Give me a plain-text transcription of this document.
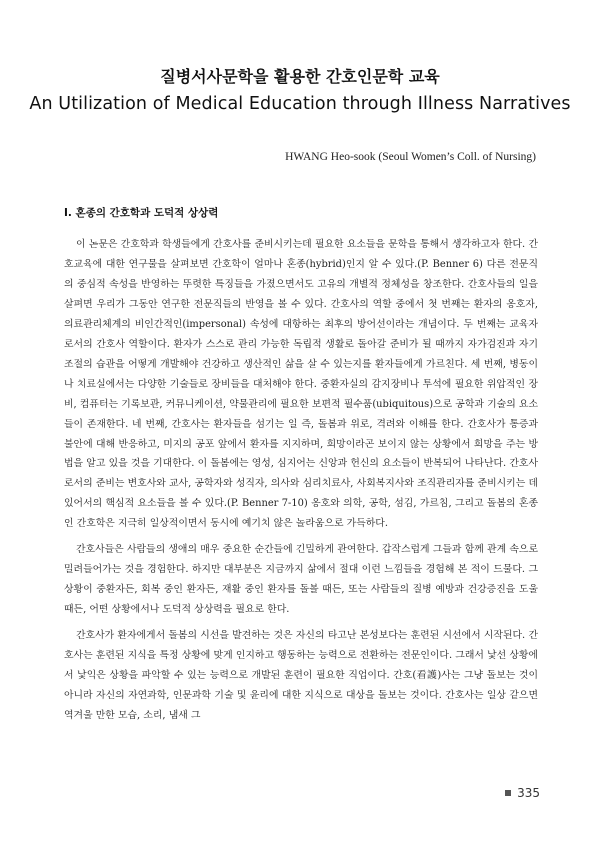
질병서사문학을 활용한 간호인문학 교육
An Utilization of Medical Education through Illness Narratives
HWANG Heo-sook (Seoul Women’s Coll. of Nursing)
Ⅰ. 혼종의 간호학과 도덕적 상상력

이 논문은 간호학과 학생들에게 간호사를 준비시키는데 필요한 요소들을 문학을 통해서 생각하고자 한다. 간호교육에 대한 연구물을 살펴보면 간호학이 얼마나 혼종(hybrid)인지 알 수 있다.(P. Benner 6) 다른 전문직의 중심적 속성을 반영하는 뚜렷한 특징들을 가졌으면서도 고유의 개별적 정체성을 창조한다. 간호사들의 일을 살펴면 우리가 그동안 연구한 전문직들의 반영을 볼 수 있다. 간호사의 역할 중에서 첫 번째는 환자의 옹호자, 의료관리체계의 비인간적인(impersonal) 속성에 대항하는 최후의 방어선이라는 개념이다. 두 번째는 교육자로서의 간호사 역할이다. 환자가 스스로 관리 가능한 독립적 생활로 돌아갈 준비가 될 때까지 자가검진과 자기조절의 습관을 어떻게 개발해야 건강하고 생산적인 삶을 살 수 있는지를 환자들에게 가르친다. 세 번째, 병동이나 치료실에서는 다양한 기술들로 장비들을 대처해야 한다. 중환자실의 감지장비나 투석에 필요한 위압적인 장비, 컴퓨터는 기록보관, 커뮤니케이션, 약물관리에 필요한 보편적 필수품(ubiquitous)으로 공학과 기술의 요소들이 존재한다. 네 번째, 간호사는 환자들을 섬기는 일 즉, 돌봄과 위로, 격려와 이해를 한다. 간호사가 통증과 불안에 대해 반응하고, 미지의 공포 앞에서 환자를 지지하며, 희망이라곤 보이지 않는 상황에서 희망을 주는 방법을 알고 있을 것을 기대한다. 이 돌봄에는 영성, 심지어는 신앙과 헌신의 요소들이 반복되어 나타난다. 간호사로서의 준비는 변호사와 교사, 공학자와 성직자, 의사와 심리치료사, 사회복지사와 조직관리자를 준비시키는 데 있어서의 핵심적 요소들을 볼 수 있다.(P. Benner 7-10) 옹호와 의학, 공학, 섬김, 가르침, 그리고 돌봄의 혼종인 간호학은 지극히 일상적이면서 동시에 예기치 않은 놀라움으로 가득하다.

간호사들은 사람들의 생애의 매우 중요한 순간들에 긴밀하게 관여한다. 갑작스럽게 그들과 함께 관계 속으로 밀려들어가는 것을 경험한다. 하지만 대부분은 지금까지 삶에서 절대 이런 느낌들을 경험해 본 적이 드물다. 그 상황이 중환자든, 회복 중인 환자든, 재활 중인 환자를 돌볼 때든, 또는 사람들의 질병 예방과 건강증진을 도울 때든, 어떤 상황에서나 도덕적 상상력을 필요로 한다.

간호사가 환자에게서 돌봄의 시선을 발견하는 것은 자신의 타고난 본성보다는 훈련된 시선에서 시작된다. 간호사는 훈련된 지식을 특정 상황에 맞게 인지하고 행동하는 능력으로 전환하는 전문인이다. 그래서 낯선 상황에서 낯익은 상황을 파악할 수 있는 능력으로 개발된 훈련이 필요한 직업이다. 간호(看護)사는 그냥 돌보는 것이 아니라 자신의 자연과학, 인문과학 기술 및 윤리에 대한 지식으로 대상을 돌보는 것이다. 간호사는 일상 같으면 역겨울 만한 모습, 소리, 냄새 그

335
